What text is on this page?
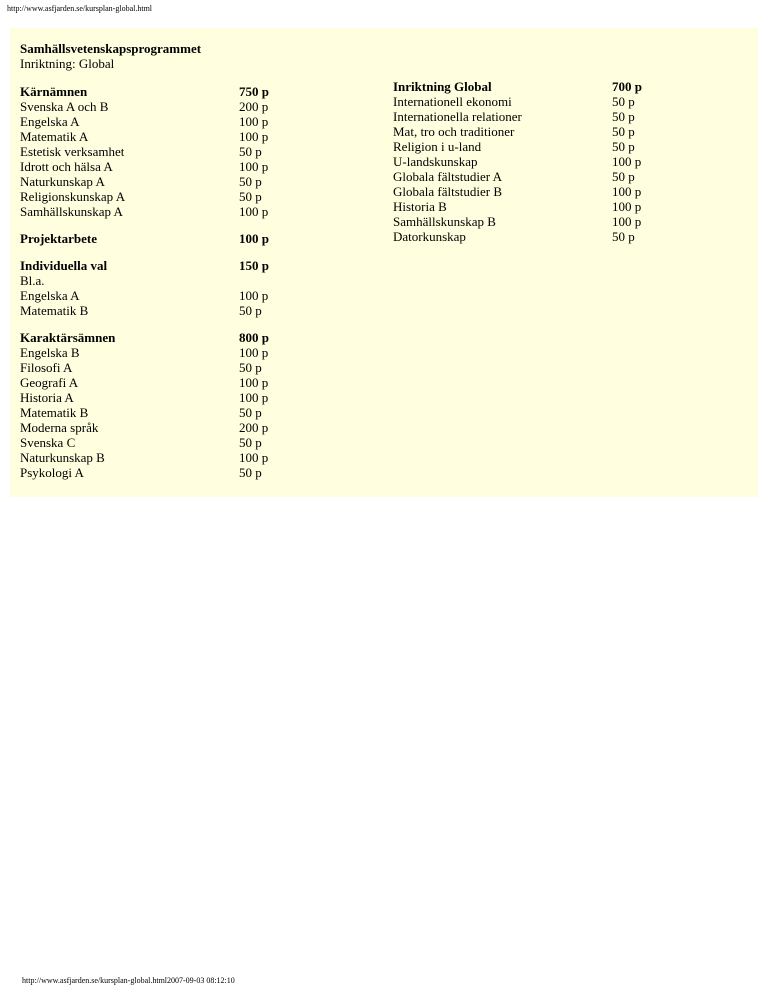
http://www.asfjarden.se/kursplan-global.html
Samhällsvetenskapsprogrammet
Inriktning: Global
Kärnämnen
Svenska A och B
Engelska A
Matematik A
Estetisk verksamhet
Idrott och hälsa A
Naturkunskap A
Religionskunskap A
Samhällskunskap A
Projektarbete
Individuella val
Bl.a.
Engelska A
Matematik B
Karaktärsämnen
Engelska B
Filosofi A
Geografi A
Historia A
Matematik B
Moderna språk
Svenska C
Naturkunskap B
Psykologi A
750 p
200 p
100 p
100 p
50 p
100 p
50 p
50 p
100 p
100 p
150 p
100 p
50 p
800 p
100 p
50 p
100 p
100 p
50 p
200 p
50 p
100 p
50 p
Inriktning Global
Internationell ekonomi
Internationella relationer
Mat, tro och traditioner
Religion i u-land
U-landskunskap
Globala fältstudier A
Globala fältstudier B
Historia B
Samhällskunskap B
Datorkunskap
700 p
50 p
50 p
50 p
50 p
100 p
50 p
100 p
100 p
100 p
50 p
http://www.asfjarden.se/kursplan-global.html2007-09-03 08:12:10
